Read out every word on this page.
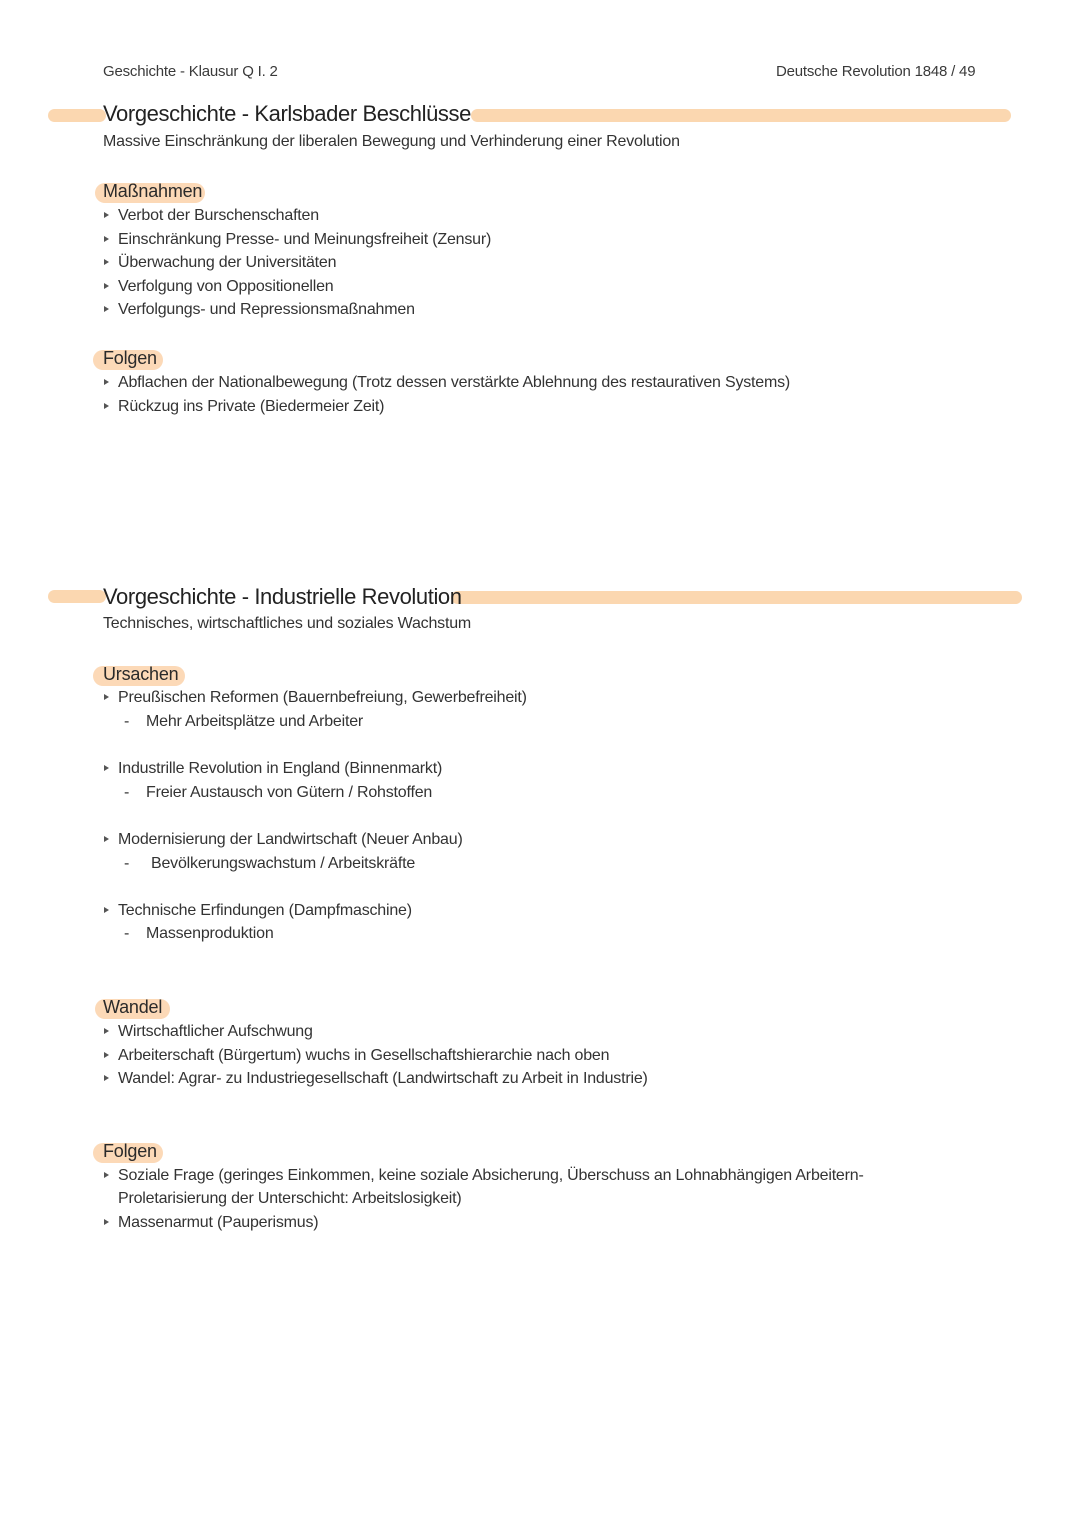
Geschichte - Klausur Q I. 2	Deutsche Revolution 1848 / 49
Vorgeschichte - Karlsbader Beschlüsse
Massive Einschränkung der liberalen Bewegung und Verhinderung einer Revolution
Maßnahmen
Verbot der Burschenschaften
Einschränkung Presse- und Meinungsfreiheit (Zensur)
Überwachung der Universitäten
Verfolgung von Oppositionellen
Verfolgungs- und Repressionsmaßnahmen
Folgen
Abflachen der Nationalbewegung (Trotz dessen verstärkte Ablehnung des restaurativen Systems)
Rückzug ins Private (Biedermeier Zeit)
Vorgeschichte - Industrielle Revolution
Technisches, wirtschaftliches und soziales Wachstum
Ursachen
Preußischen Reformen (Bauernbefreiung, Gewerbefreiheit)
- Mehr Arbeitsplätze und Arbeiter
Industrille Revolution in England (Binnenmarkt)
- Freier Austausch von Gütern / Rohstoffen
Modernisierung der Landwirtschaft (Neuer Anbau)
- Bevölkerungswachstum / Arbeitskräfte
Technische Erfindungen (Dampfmaschine)
- Massenproduktion
Wandel
Wirtschaftlicher Aufschwung
Arbeiterschaft (Bürgertum) wuchs in Gesellschaftshierarchie nach oben
Wandel: Agrar- zu Industriegesellschaft (Landwirtschaft zu Arbeit in Industrie)
Folgen
Soziale Frage (geringes Einkommen, keine soziale Absicherung, Überschuss an Lohnabhängigen Arbeitern-
Proletarisierung der Unterschicht: Arbeitslosigkeit)
Massenarmut (Pauperismus)
